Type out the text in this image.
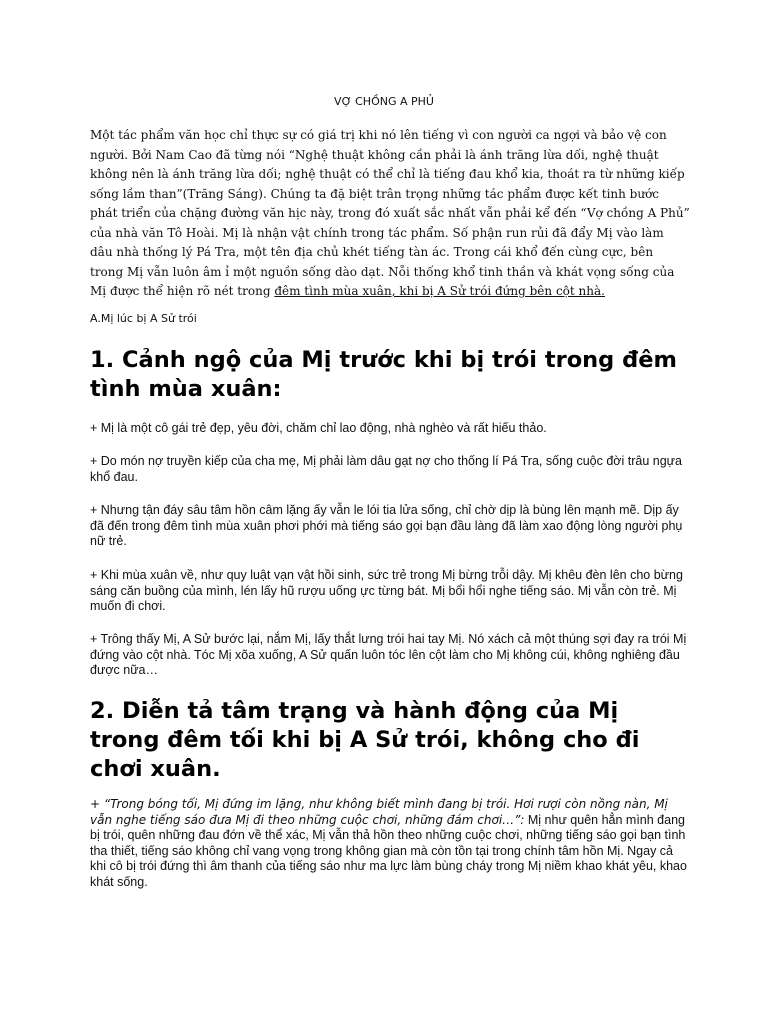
VỢ CHỒNG A PHỦ

Một tác phẩm văn học chỉ thực sự có giá trị khi nó lên tiếng vì con người ca ngợi và bảo vệ con người. Bởi Nam Cao đã từng nói “Nghệ thuật không cần phải là ánh trăng lừa dối, nghệ thuật không nên là ánh trăng lừa dối; nghệ thuật có thể chỉ là tiếng đau khổ kia, thoát ra từ những kiếp sống lầm than”(Trăng Sáng). Chúng ta đặ biệt trân trọng những tác phẩm được kết tinh bước phát triển của chặng đường văn hịc này, trong đó xuất sắc nhất vẫn phải kể đến “Vợ chồng A Phủ” của nhà văn Tô Hoài. Mị là nhận vật chính trong tác phẩm. Số phận run rủi đã đẩy Mị vào làm dâu nhà thống lý Pá Tra, một tên địa chủ khét tiếng tàn ác. Trong cái khổ đến cùng cực, bên trong Mị vẫn luôn âm ỉ một nguồn sống dào dạt. Nỗi thống khổ tinh thần và khát vọng sống của Mị được thể hiện rõ nét trong đêm tình mùa xuân, khi bị A Sử trói đứng bên cột nhà.

A.Mị lúc bị A Sử trói
1. Cảnh ngộ của Mị trước khi bị trói trong đêm tình mùa xuân:

+ Mị là một cô gái trẻ đẹp, yêu đời, chăm chỉ lao động, nhà nghèo và rất hiếu thảo.

+ Do món nợ truyền kiếp của cha mẹ, Mị phải làm dâu gạt nợ cho thống lí Pá Tra, sống cuộc đời trâu ngựa khổ đau.

+ Nhưng tận đáy sâu tâm hồn câm lặng ấy vẫn le lói tia lửa sống, chỉ chờ dịp là bùng lên mạnh mẽ. Dịp ấy đã đến trong đêm tình mùa xuân phơi phới mà tiếng sáo gọi bạn đầu làng đã làm xao động lòng người phụ nữ trẻ.

+ Khi mùa xuân về, như quy luật vạn vật hồi sinh, sức trẻ trong Mị bừng trỗi dậy. Mị khêu đèn lên cho bừng sáng căn buồng của mình, lén lấy hũ rượu uống ực từng bát. Mị bổi hổi nghe tiếng sáo. Mị vẫn còn trẻ. Mị muốn đi chơi.

+ Trông thấy Mị, A Sử bước lại, nắm Mị, lấy thắt lưng trói hai tay Mị. Nó xách cả một thúng sợi đay ra trói Mị đứng vào cột nhà. Tóc Mị xõa xuống, A Sử quấn luôn tóc lên cột làm cho Mị không cúi, không nghiêng đầu được nữa…

2. Diễn tả tâm trạng và hành động của Mị trong đêm tối khi bị A Sử trói, không cho đi chơi xuân.

+ “Trong bóng tối, Mị đứng im lặng, như không biết mình đang bị trói. Hơi rượi còn nồng nàn, Mị vẫn nghe tiếng sáo đưa Mị đi theo những cuộc chơi, những đám chơi…”: Mị như quên hẳn mình đang bị trói, quên những đau đớn về thể xác, Mị vẫn thả hồn theo những cuộc chơi, những tiếng sáo gọi bạn tình tha thiết, tiếng sáo không chỉ vang vọng trong không gian mà còn tồn tại trong chính tâm hồn Mị. Ngay cả khi cô bị trói đứng thì âm thanh của tiếng sáo như ma lực làm bùng cháy trong Mị niềm khao khát yêu, khao khát sống.
